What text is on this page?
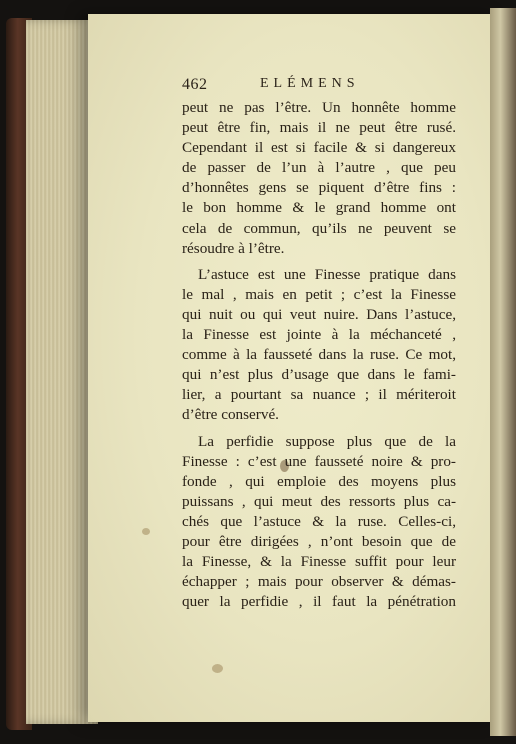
462	ELÉMENS
peut ne pas l’être. Un honnête homme
peut être fin, mais il ne peut être rusé.
Cependant il est si facile & si dangereux
de passer de l’un à l’autre , que peu
d’honnêtes gens se piquent d’être fins :
le bon homme & le grand homme ont
cela de commun, qu’ils ne peuvent se
résoudre à l’être.
L’astuce est une Finesse pratique dans
le mal , mais en petit ; c’est la Finesse
qui nuit ou qui veut nuire. Dans l’astuce,
la Finesse est jointe à la méchanceté ,
comme à la fausseté dans la ruse. Ce mot,
qui n’est plus d’usage que dans le fami-
lier, a pourtant sa nuance ; il mériteroit
d’être conservé.
La perfidie suppose plus que de la
Finesse : c’est une fausseté noire & pro-
fonde , qui emploie des moyens plus
puissans , qui meut des ressorts plus ca-
chés que l’astuce & la ruse. Celles-ci,
pour être dirigées , n’ont besoin que de
la Finesse, & la Finesse suffit pour leur
échapper ; mais pour observer & démas-
quer la perfidie , il faut la pénétration
